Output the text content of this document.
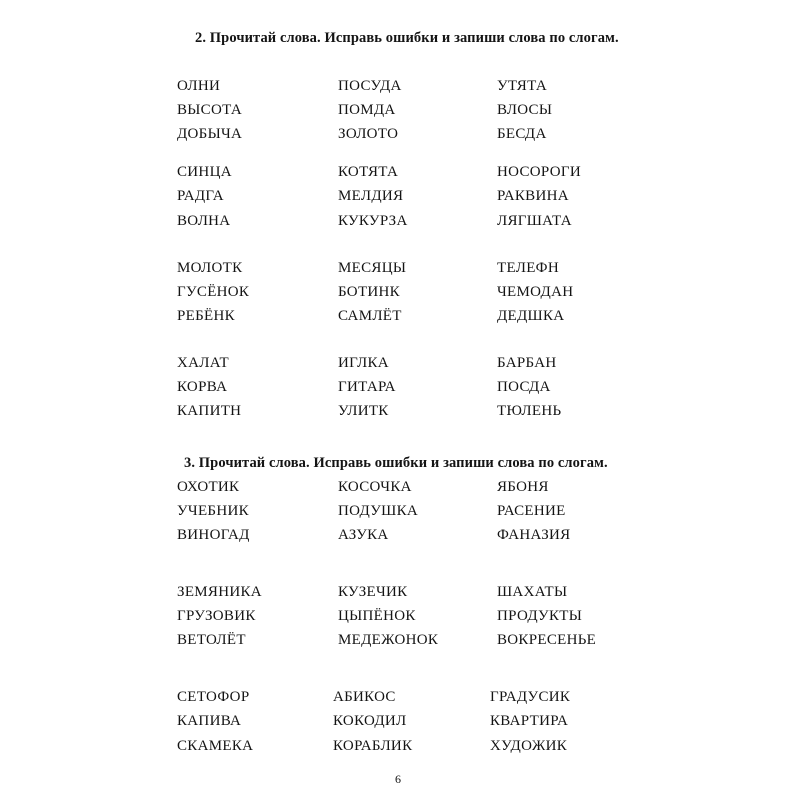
2. Прочитай слова. Исправь ошибки и запиши слова по слогам.
3. Прочитай слова. Исправь ошибки и запиши слова по слогам.
ОЛНИ	ПОСУДА	УТЯТА
ВЫСОТА	ПОМДА	ВЛОСЫ
ДОБЫЧА	ЗОЛОТО	БЕСДА
СИНЦА	КОТЯТА	НОСОРОГИ
РАДГА	МЕЛДИЯ	РАКВИНА
ВОЛНА	КУКУРЗА	ЛЯГШАТА
МОЛОТК	МЕСЯЦЫ	ТЕЛЕФН
ГУСЁНОК	БОТИНК	ЧЕМОДАН
РЕБЁНК	САМЛЁТ	ДЕДШКА
ХАЛАТ	ИГЛКА	БАРБАН
КОРВА	ГИТАРА	ПОСДА
КАПИТН	УЛИТК	ТЮЛЕНЬ
ОХОТИК	КОСОЧКА	ЯБОНЯ
УЧЕБНИК	ПОДУШКА	РАСЕНИЕ
ВИНОГАД	АЗУКА	ФАНАЗИЯ
ЗЕМЯНИКА	КУЗЕЧИК	ШАХАТЫ
ГРУЗОВИК	ЦЫПЁНОК	ПРОДУКТЫ
ВЕТОЛЁТ	МЕДЕЖОНОК	ВОКРЕСЕНЬЕ
СЕТОФОР	АБИКОС	ГРАДУСИК
КАПИВА	КОКОДИЛ	КВАРТИРА
СКАМЕКА	КОРАБЛИК	ХУДОЖИК
6
